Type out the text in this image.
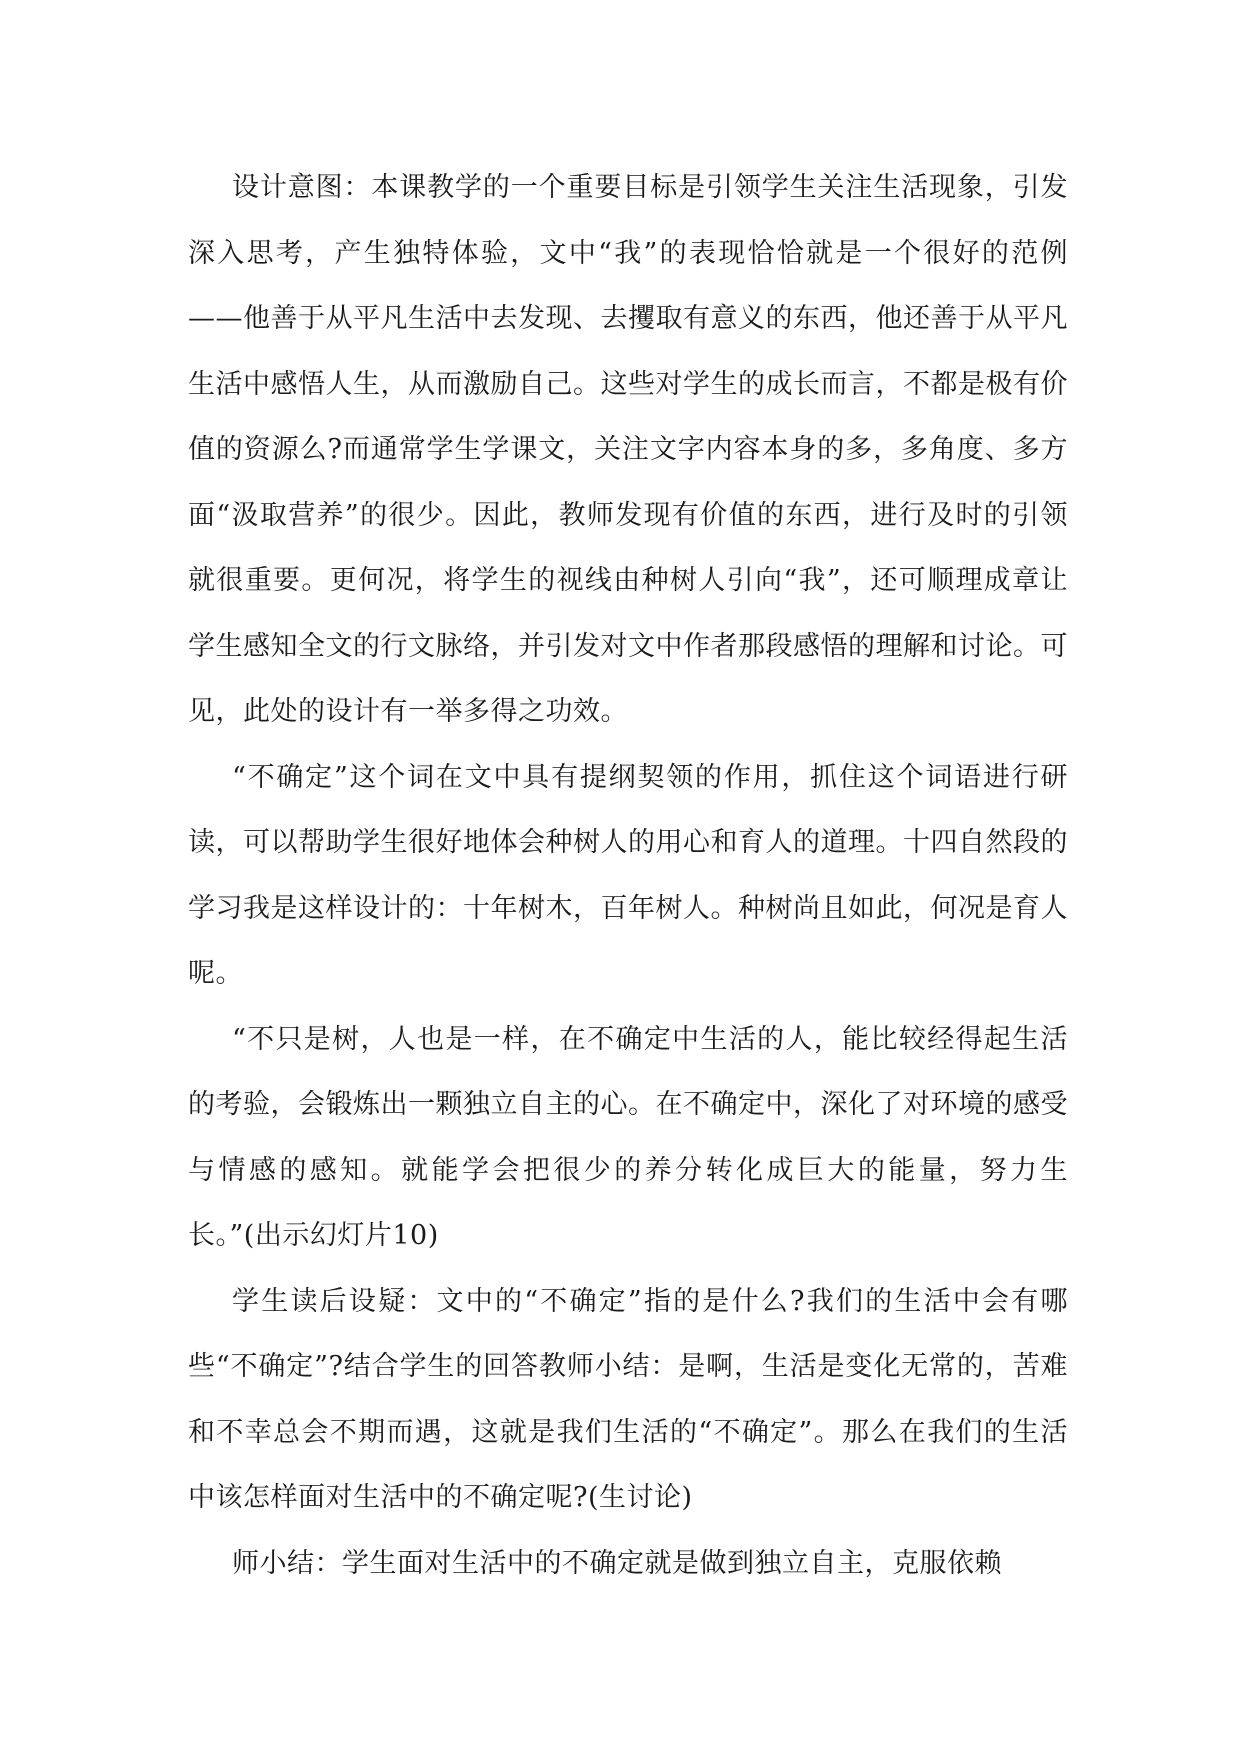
设计意图：本课教学的一个重要目标是引领学生关注生活现象，引发深入思考，产生独特体验，文中“我”的表现恰恰就是一个很好的范例——他善于从平凡生活中去发现、去攫取有意义的东西，他还善于从平凡生活中感悟人生，从而激励自己。这些对学生的成长而言，不都是极有价值的资源么?而通常学生学课文，关注文字内容本身的多，多角度、多方面“汲取营养”的很少。因此，教师发现有价值的东西，进行及时的引领就很重要。更何况，将学生的视线由种树人引向“我”，还可顺理成章让学生感知全文的行文脉络，并引发对文中作者那段感悟的理解和讨论。可见，此处的设计有一举多得之功效。

“不确定”这个词在文中具有提纲契领的作用，抓住这个词语进行研读，可以帮助学生很好地体会种树人的用心和育人的道理。十四自然段的学习我是这样设计的：十年树木，百年树人。种树尚且如此，何况是育人呢。

“不只是树，人也是一样，在不确定中生活的人，能比较经得起生活的考验，会锻炼出一颗独立自主的心。在不确定中，深化了对环境的感受与情感的感知。就能学会把很少的养分转化成巨大的能量，努力生长。”(出示幻灯片10)

学生读后设疑：文中的“不确定”指的是什么?我们的生活中会有哪些“不确定”?结合学生的回答教师小结：是啊，生活是变化无常的，苦难和不幸总会不期而遇，这就是我们生活的“不确定”。那么在我们的生活中该怎样面对生活中的不确定呢?(生讨论)

师小结：学生面对生活中的不确定就是做到独立自主，克服依赖
